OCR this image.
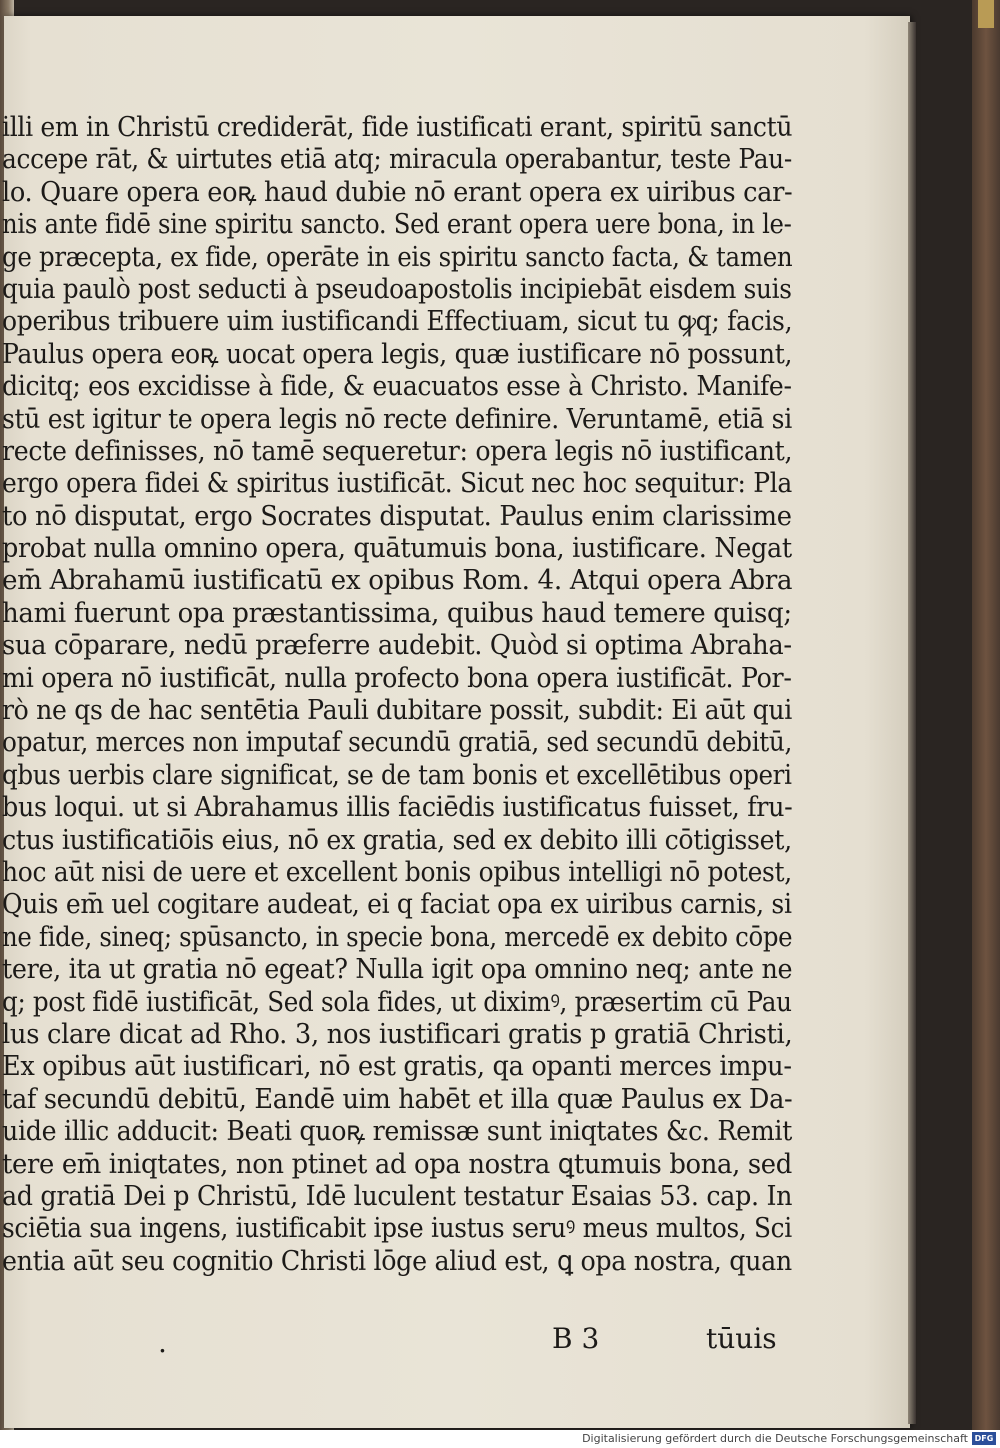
illi em in Christū crediderāt, fide iustificati erant, spiritū sanctū
accepe rāt, & uirtutes etiā atq; miracula operabantur, teste Pau-
lo. Quare opera eoꝶ haud dubie nō erant opera ex uiribus car-
nis ante fidē sine spiritu sancto. Sed erant opera uere bona, in le-
ge præcepta, ex fide, operāte in eis spiritu sancto facta, & tamen
quia paulò post seducti à pseudoapostolis incipiebāt eisdem suis
operibus tribuere uim iustificandi Effectiuam, sicut tu ꝙq; facis,
Paulus opera eoꝶ uocat opera legis, quæ iustificare nō possunt,
dicitq; eos excidisse à fide, & euacuatos esse à Christo. Manife-
stū est igitur te opera legis nō recte definire. Veruntamē, etiā si
recte definisses, nō tamē sequeretur: opera legis nō iustificant,
ergo opera fidei & spiritus iustificāt. Sicut nec hoc sequitur: Pla
to nō disputat, ergo Socrates disputat. Paulus enim clarissime
probat nulla omnino opera, quātumuis bona, iustificare. Negat
em̄ Abrahamū iustificatū ex opibus Rom. 4. Atqui opera Abra
hami fuerunt opa præstantissima, quibus haud temere quisq;
sua cōparare, nedū præferre audebit. Quòd si optima Abraha-
mi opera nō iustificāt, nulla profecto bona opera iustificāt. Por-
rò ne qs de hac sentētia Pauli dubitare possit, subdit: Ei aūt qui
opatur, merces non imputaf secundū gratiā, sed secundū debitū,
qbus uerbis clare significat, se de tam bonis et excellētibus operi
bus loqui. ut si Abrahamus illis faciēdis iustificatus fuisset, fru-
ctus iustificatiōis eius, nō ex gratia, sed ex debito illi cōtigisset,
hoc aūt nisi de uere et excellent bonis opibus intelligi nō potest,
Quis em̄ uel cogitare audeat, ei q faciat opa ex uiribus carnis, si
ne fide, sineq; spūsancto, in specie bona, mercedē ex debito cōpe
tere, ita ut gratia nō egeat? Nulla igit opa omnino neq; ante ne
q; post fidē iustificāt, Sed sola fides, ut diximꝰ, præsertim cū Pau
lus clare dicat ad Rho. 3, nos iustificari gratis p gratiā Christi,
Ex opibus aūt iustificari, nō est gratis, qa opanti merces impu-
taf secundū debitū, Eandē uim habēt et illa quæ Paulus ex Da-
uide illic adducit: Beati quoꝶ remissæ sunt iniqtates &c. Remit
tere em̄ iniqtates, non ptinet ad opa nostra ꝗtumuis bona, sed
ad gratiā Dei p Christū, Idē luculent testatur Esaias 53. cap. In
sciētia sua ingens, iustificabit ipse iustus seruꝰ meus multos, Sci
entia aūt seu cognitio Christi lōge aliud est, ꝗ opa nostra, quan
.	B 3	tūuis
Digitalisierung gefördert durch die Deutsche Forschungsgemeinschaft DFG
